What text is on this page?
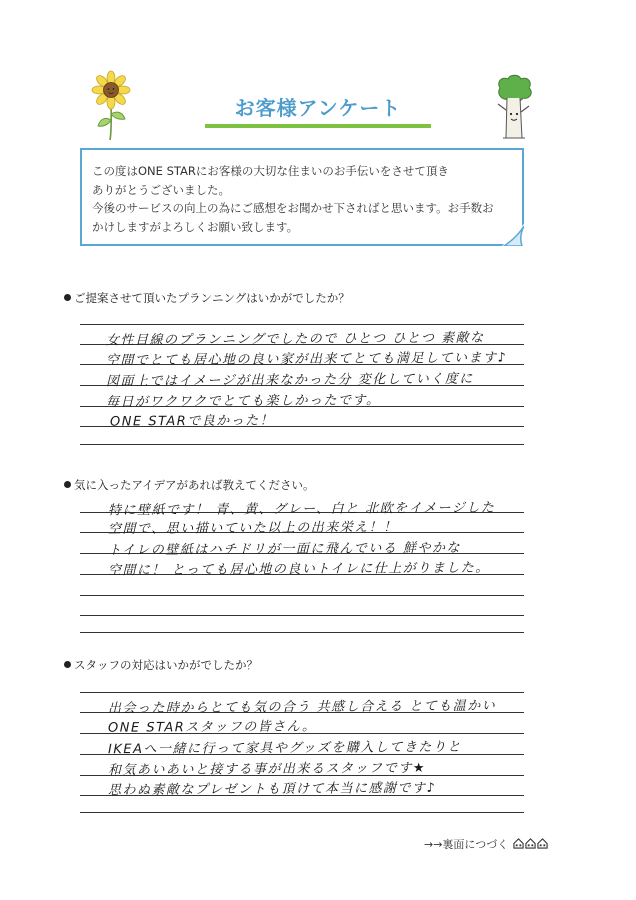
お客様アンケート

この度はONE STARにお客様の大切な住まいのお手伝いをさせて頂き

ありがとうございました。

今後のサービスの向上の為にご感想をお聞かせ下さればと思います。お手数お

かけしますがよろしくお願い致します。

ご提案させて頂いたプランニングはいかがでしたか？
女性目線のプランニングでしたので ひとつ ひとつ 素敵な
空間でとても居心地の良い家が出来てとても満足しています♪
図面上ではイメージが出来なかった分 変化していく度に
毎日がワクワクでとても楽しかったです。
ONE STARで良かった！
気に入ったアイデアがあれば教えてください。
特に壁紙です！ 青、黄、グレー、白と 北欧をイメージした
空間で、思い描いていた以上の出来栄え！！
トイレの壁紙はハチドリが一面に飛んでいる 鮮やかな
空間に！ とっても居心地の良いトイレに仕上がりました。
スタッフの対応はいかがでしたか？
出会った時からとても気の合う 共感し合える とても温かい
ONE STARスタッフの皆さん。
IKEAへ一緒に行って家具やグッズを購入してきたりと
和気あいあいと接する事が出来るスタッフです★
思わぬ素敵なプレゼントも頂けて本当に感謝です♪
→→裏面につづく
